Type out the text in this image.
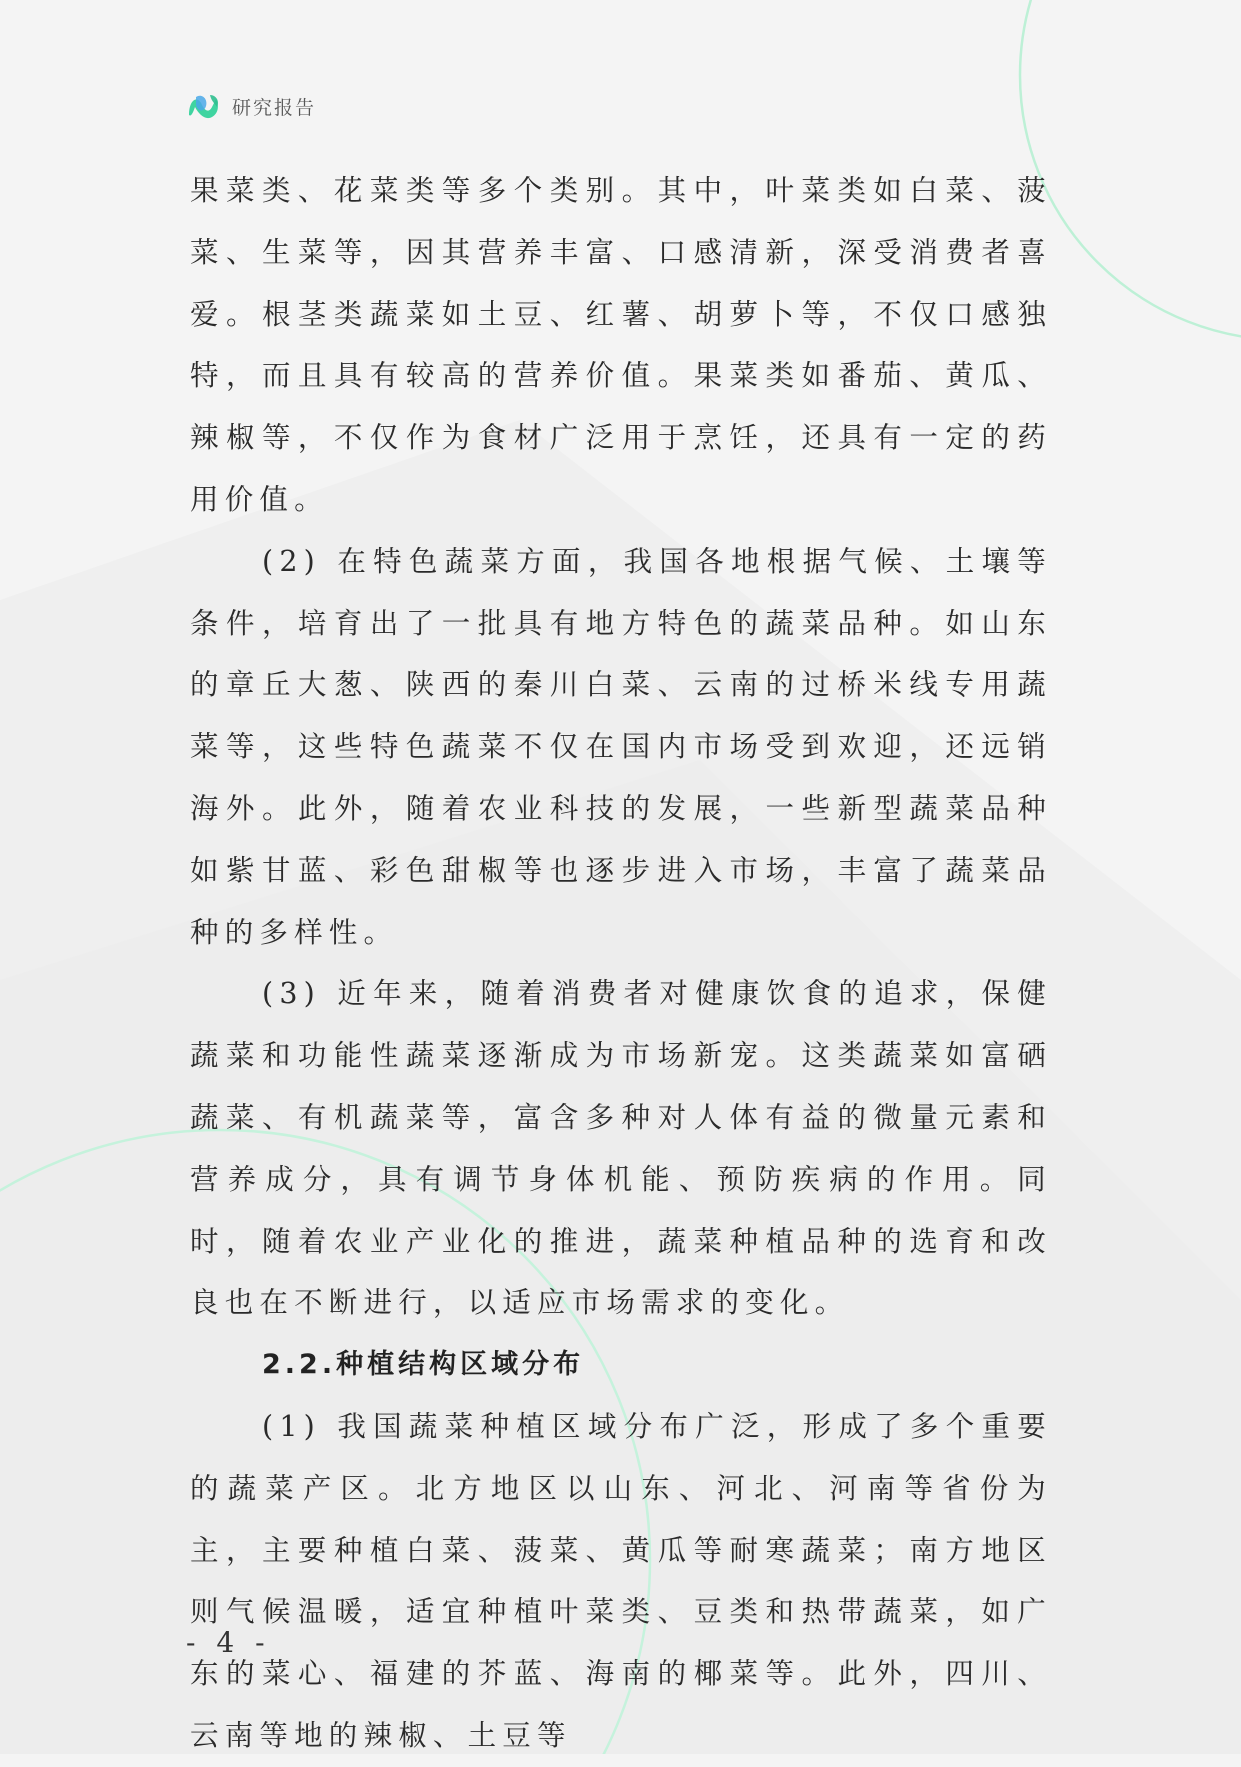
研究报告

果菜类、花菜类等多个类别。其中，叶菜类如白菜、菠菜、生菜等，因其营养丰富、口感清新，深受消费者喜爱。根茎类蔬菜如土豆、红薯、胡萝卜等，不仅口感独特，而且具有较高的营养价值。果菜类如番茄、黄瓜、辣椒等，不仅作为食材广泛用于烹饪，还具有一定的药用价值。

(2) 在特色蔬菜方面，我国各地根据气候、土壤等条件，培育出了一批具有地方特色的蔬菜品种。如山东的章丘大葱、陕西的秦川白菜、云南的过桥米线专用蔬菜等，这些特色蔬菜不仅在国内市场受到欢迎，还远销海外。此外，随着农业科技的发展，一些新型蔬菜品种如紫甘蓝、彩色甜椒等也逐步进入市场，丰富了蔬菜品种的多样性。

(3) 近年来，随着消费者对健康饮食的追求，保健蔬菜和功能性蔬菜逐渐成为市场新宠。这类蔬菜如富硒蔬菜、有机蔬菜等，富含多种对人体有益的微量元素和营养成分，具有调节身体机能、预防疾病的作用。同时，随着农业产业化的推进，蔬菜种植品种的选育和改良也在不断进行，以适应市场需求的变化。

2.2.种植结构区域分布

(1) 我国蔬菜种植区域分布广泛，形成了多个重要的蔬菜产区。北方地区以山东、河北、河南等省份为主，主要种植白菜、菠菜、黄瓜等耐寒蔬菜；南方地区则气候温暖，适宜种植叶菜类、豆类和热带蔬菜，如广东的菜心、福建的芥蓝、海南的椰菜等。此外，四川、云南等地的辣椒、土豆等

- 4 -
